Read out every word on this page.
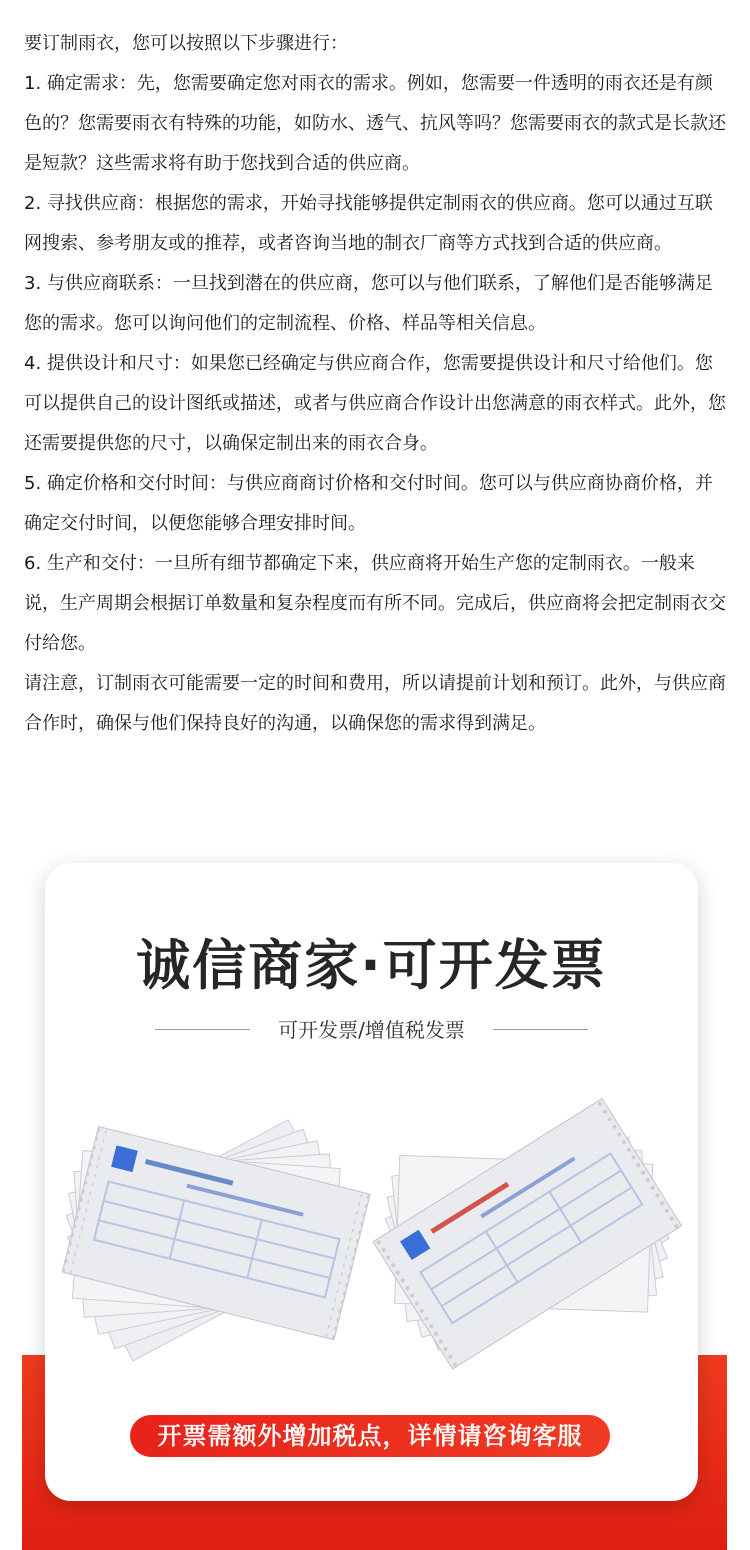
要订制雨衣，您可以按照以下步骤进行：

1. 确定需求：先，您需要确定您对雨衣的需求。例如，您需要一件透明的雨衣还是有颜色的？您需要雨衣有特殊的功能，如防水、透气、抗风等吗？您需要雨衣的款式是长款还是短款？这些需求将有助于您找到合适的供应商。

2. 寻找供应商：根据您的需求，开始寻找能够提供定制雨衣的供应商。您可以通过互联网搜索、参考朋友或的推荐，或者咨询当地的制衣厂商等方式找到合适的供应商。

3. 与供应商联系：一旦找到潜在的供应商，您可以与他们联系，了解他们是否能够满足您的需求。您可以询问他们的定制流程、价格、样品等相关信息。

4. 提供设计和尺寸：如果您已经确定与供应商合作，您需要提供设计和尺寸给他们。您可以提供自己的设计图纸或描述，或者与供应商合作设计出您满意的雨衣样式。此外，您还需要提供您的尺寸，以确保定制出来的雨衣合身。

5. 确定价格和交付时间：与供应商商讨价格和交付时间。您可以与供应商协商价格，并确定交付时间，以便您能够合理安排时间。

6. 生产和交付：一旦所有细节都确定下来，供应商将开始生产您的定制雨衣。一般来说，生产周期会根据订单数量和复杂程度而有所不同。完成后，供应商将会把定制雨衣交付给您。

请注意，订制雨衣可能需要一定的时间和费用，所以请提前计划和预订。此外，与供应商合作时，确保与他们保持良好的沟通，以确保您的需求得到满足。

诚信商家·可开发票
可开发票/增值税发票
开票需额外增加税点，详情请咨询客服
